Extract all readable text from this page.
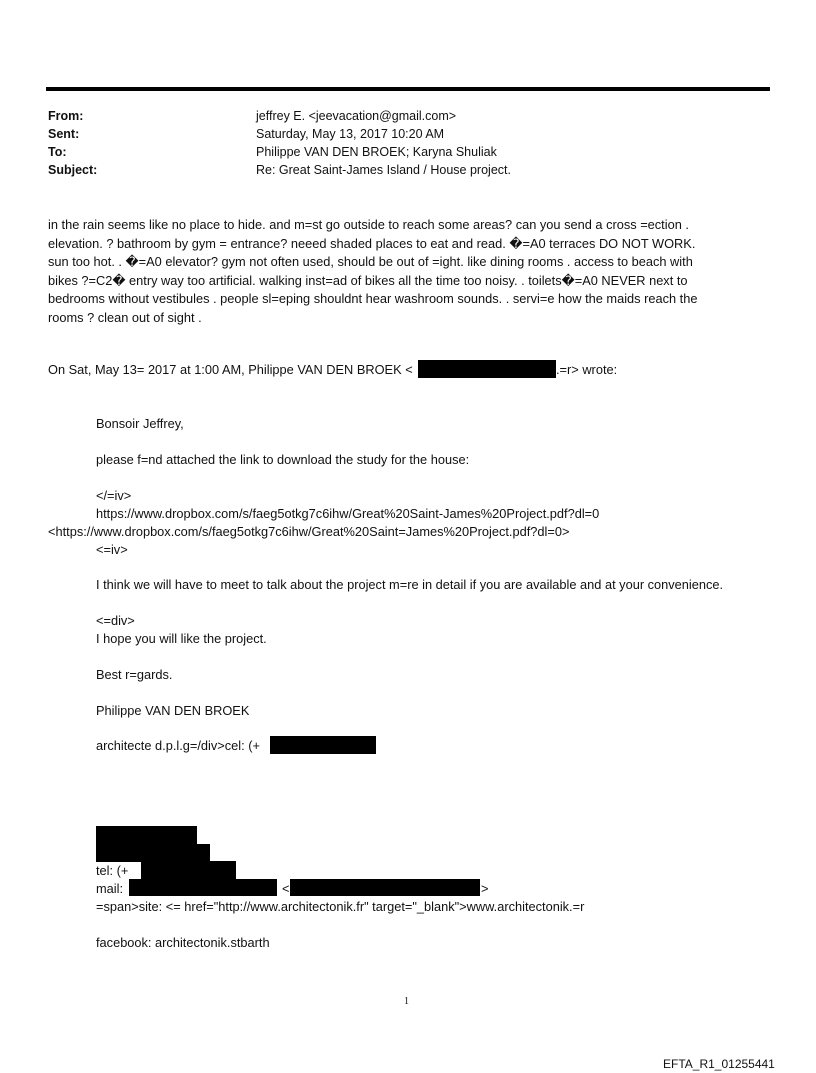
From:	jeffrey E. <jeevacation@gmail.com>
Sent:	Saturday, May 13, 2017 10:20 AM
To:	Philippe VAN DEN BROEK; Karyna Shuliak
Subject:	Re: Great Saint-James Island / House project.
in the rain seems like no place to hide. and m=st go outside to reach some areas? can you send a cross =ection .
elevation. ? bathroom by gym = entrance? neeed shaded places to eat and read. �=A0 terraces DO NOT WORK.
sun too hot. . �=A0 elevator? gym not often used, should be out of =ight. like dining rooms . access to beach with
bikes ?=C2� entry way too artificial. walking inst=ad of bikes all the time too noisy. . toilets�=A0 NEVER next to
bedrooms without vestibules . people sl=eping shouldnt hear washroom sounds. . servi=e how the maids reach the
rooms ? clean out of sight .
On Sat, May 13= 2017 at 1:00 AM, Philippe VAN DEN BROEK <	.=r> wrote:
Bonsoir Jeffrey,
please f=nd attached the link to download the study for the house:
</=iv>
https://www.dropbox.com/s/faeg5otkg7c6ihw/Great%20Saint-James%20Project.pdf?dl=0
<https://www.dropbox.com/s/faeg5otkg7c6ihw/Great%20Saint=James%20Project.pdf?dl=0>
<=iv>
I think we will have to meet to talk about the project m=re in detail if you are available and at your convenience.
<=div>
I hope you will like the project.
Best r=gards.
Philippe VAN DEN BROEK
architecte d.p.l.g=/div>cel: (+
tel: (+
mail:	<	>
=span>site: <= href="http://www.architectonik.fr" target="_blank">www.architectonik.=r
facebook: architectonik.stbarth
1
EFTA_R1_01255441
